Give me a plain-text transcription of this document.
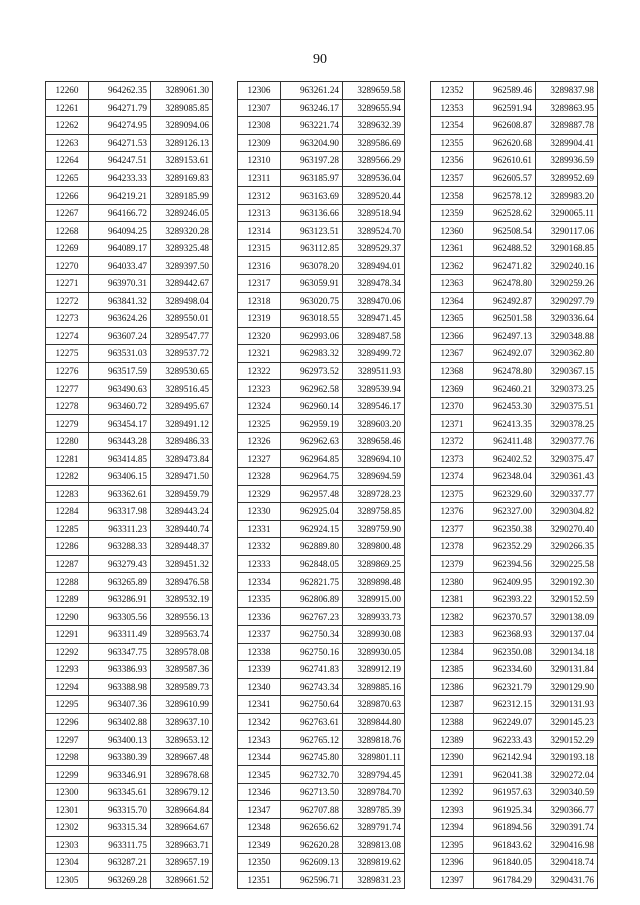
90
12260	964262.35	3289061.30
12261	964271.79	3289085.85
12262	964274.95	3289094.06
12263	964271.53	3289126.13
12264	964247.51	3289153.61
12265	964233.33	3289169.83
12266	964219.21	3289185.99
12267	964166.72	3289246.05
12268	964094.25	3289320.28
12269	964089.17	3289325.48
12270	964033.47	3289397.50
12271	963970.31	3289442.67
12272	963841.32	3289498.04
12273	963624.26	3289550.01
12274	963607.24	3289547.77
12275	963531.03	3289537.72
12276	963517.59	3289530.65
12277	963490.63	3289516.45
12278	963460.72	3289495.67
12279	963454.17	3289491.12
12280	963443.28	3289486.33
12281	963414.85	3289473.84
12282	963406.15	3289471.50
12283	963362.61	3289459.79
12284	963317.98	3289443.24
12285	963311.23	3289440.74
12286	963288.33	3289448.37
12287	963279.43	3289451.32
12288	963265.89	3289476.58
12289	963286.91	3289532.19
12290	963305.56	3289556.13
12291	963311.49	3289563.74
12292	963347.75	3289578.08
12293	963386.93	3289587.36
12294	963388.98	3289589.73
12295	963407.36	3289610.99
12296	963402.88	3289637.10
12297	963400.13	3289653.12
12298	963380.39	3289667.48
12299	963346.91	3289678.68
12300	963345.61	3289679.12
12301	963315.70	3289664.84
12302	963315.34	3289664.67
12303	963311.75	3289663.71
12304	963287.21	3289657.19
12305	963269.28	3289661.52
12306	963261.24	3289659.58
12307	963246.17	3289655.94
12308	963221.74	3289632.39
12309	963204.90	3289586.69
12310	963197.28	3289566.29
12311	963185.97	3289536.04
12312	963163.69	3289520.44
12313	963136.66	3289518.94
12314	963123.51	3289524.70
12315	963112.85	3289529.37
12316	963078.20	3289494.01
12317	963059.91	3289478.34
12318	963020.75	3289470.06
12319	963018.55	3289471.45
12320	962993.06	3289487.58
12321	962983.32	3289499.72
12322	962973.52	3289511.93
12323	962962.58	3289539.94
12324	962960.14	3289546.17
12325	962959.19	3289603.20
12326	962962.63	3289658.46
12327	962964.85	3289694.10
12328	962964.75	3289694.59
12329	962957.48	3289728.23
12330	962925.04	3289758.85
12331	962924.15	3289759.90
12332	962889.80	3289800.48
12333	962848.05	3289869.25
12334	962821.75	3289898.48
12335	962806.89	3289915.00
12336	962767.23	3289933.73
12337	962750.34	3289930.08
12338	962750.16	3289930.05
12339	962741.83	3289912.19
12340	962743.34	3289885.16
12341	962750.64	3289870.63
12342	962763.61	3289844.80
12343	962765.12	3289818.76
12344	962745.80	3289801.11
12345	962732.70	3289794.45
12346	962713.50	3289784.70
12347	962707.88	3289785.39
12348	962656.62	3289791.74
12349	962620.28	3289813.08
12350	962609.13	3289819.62
12351	962596.71	3289831.23
12352	962589.46	3289837.98
12353	962591.94	3289863.95
12354	962608.87	3289887.78
12355	962620.68	3289904.41
12356	962610.61	3289936.59
12357	962605.57	3289952.69
12358	962578.12	3289983.20
12359	962528.62	3290065.11
12360	962508.54	3290117.06
12361	962488.52	3290168.85
12362	962471.82	3290240.16
12363	962478.80	3290259.26
12364	962492.87	3290297.79
12365	962501.58	3290336.64
12366	962497.13	3290348.88
12367	962492.07	3290362.80
12368	962478.80	3290367.15
12369	962460.21	3290373.25
12370	962453.30	3290375.51
12371	962413.35	3290378.25
12372	962411.48	3290377.76
12373	962402.52	3290375.47
12374	962348.04	3290361.43
12375	962329.60	3290337.77
12376	962327.00	3290304.82
12377	962350.38	3290270.40
12378	962352.29	3290266.35
12379	962394.56	3290225.58
12380	962409.95	3290192.30
12381	962393.22	3290152.59
12382	962370.57	3290138.09
12383	962368.93	3290137.04
12384	962350.08	3290134.18
12385	962334.60	3290131.84
12386	962321.79	3290129.90
12387	962312.15	3290131.93
12388	962249.07	3290145.23
12389	962233.43	3290152.29
12390	962142.94	3290193.18
12391	962041.38	3290272.04
12392	961957.63	3290340.59
12393	961925.34	3290366.77
12394	961894.56	3290391.74
12395	961843.62	3290416.98
12396	961840.05	3290418.74
12397	961784.29	3290431.76
